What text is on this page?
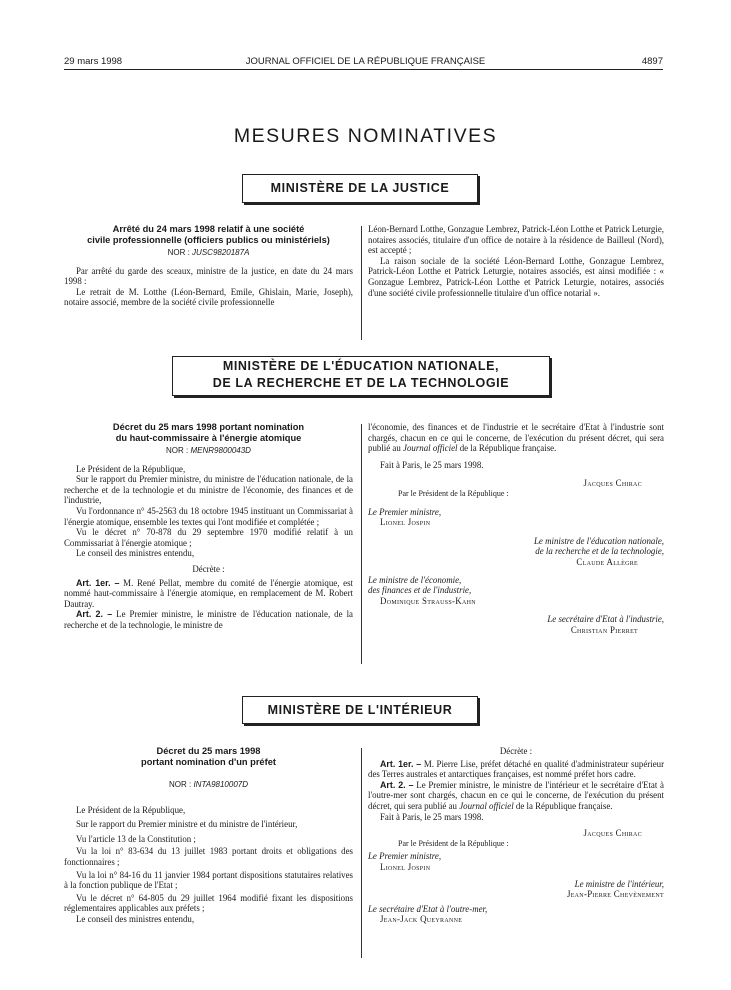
29 mars 1998	JOURNAL OFFICIEL DE LA RÉPUBLIQUE FRANÇAISE	4897
MESURES NOMINATIVES
MINISTÈRE DE LA JUSTICE
Arrêté du 24 mars 1998 relatif à une société
civile professionnelle (officiers publics ou ministériels)
NOR : JUSC9820187A

Par arrêté du garde des sceaux, ministre de la justice, en date du 24 mars 1998 :

Le retrait de M. Lotthe (Léon-Bernard, Emile, Ghislain, Marie, Joseph), notaire associé, membre de la société civile professionnelle

Léon-Bernard Lotthe, Gonzague Lembrez, Patrick-Léon Lotthe et Patrick Leturgie, notaires associés, titulaire d'un office de notaire à la résidence de Bailleul (Nord), est accepté ;

La raison sociale de la société Léon-Bernard Lotthe, Gonzague Lembrez, Patrick-Léon Lotthe et Patrick Leturgie, notaires associés, est ainsi modifiée : « Gonzague Lembrez, Patrick-Léon Lotthe et Patrick Leturgie, notaires, associés d'une société civile professionnelle titulaire d'un office notarial ».

MINISTÈRE DE L'ÉDUCATION NATIONALE,
DE LA RECHERCHE ET DE LA TECHNOLOGIE
Décret du 25 mars 1998 portant nomination
du haut-commissaire à l'énergie atomique
NOR : MENR9800043D

Le Président de la République,

Sur le rapport du Premier ministre, du ministre de l'éducation nationale, de la recherche et de la technologie et du ministre de l'économie, des finances et de l'industrie,

Vu l'ordonnance n° 45-2563 du 18 octobre 1945 instituant un Commissariat à l'énergie atomique, ensemble les textes qui l'ont modifiée et complétée ;

Vu le décret n° 70-878 du 29 septembre 1970 modifié relatif à un Commissariat à l'énergie atomique ;

Le conseil des ministres entendu,

Décrète :

Art. 1er. – M. René Pellat, membre du comité de l'énergie atomique, est nommé haut-commissaire à l'énergie atomique, en remplacement de M. Robert Dautray.

Art. 2. – Le Premier ministre, le ministre de l'éducation nationale, de la recherche et de la technologie, le ministre de

l'économie, des finances et de l'industrie et le secrétaire d'Etat à l'industrie sont chargés, chacun en ce qui le concerne, de l'exécution du présent décret, qui sera publié au Journal officiel de la République française.

Fait à Paris, le 25 mars 1998.

Jacques Chirac

Par le Président de la République :

Le Premier ministre,

Lionel Jospin

Le ministre de l'éducation nationale,

de la recherche et de la technologie,

Claude Allègre

Le ministre de l'économie,

des finances et de l'industrie,

Dominique Strauss-Kahn

Le secrétaire d'Etat à l'industrie,

Christian Pierret

MINISTÈRE DE L'INTÉRIEUR
Décret du 25 mars 1998
portant nomination d'un préfet
NOR : INTA9810007D

Le Président de la République,

Sur le rapport du Premier ministre et du ministre de l'intérieur,

Vu l'article 13 de la Constitution ;

Vu la loi n° 83-634 du 13 juillet 1983 portant droits et obligations des fonctionnaires ;

Vu la loi n° 84-16 du 11 janvier 1984 portant dispositions statutaires relatives à la fonction publique de l'Etat ;

Vu le décret n° 64-805 du 29 juillet 1964 modifié fixant les dispositions réglementaires applicables aux préfets ;

Le conseil des ministres entendu,

Décrète :

Art. 1er. – M. Pierre Lise, préfet détaché en qualité d'administrateur supérieur des Terres australes et antarctiques françaises, est nommé préfet hors cadre.

Art. 2. – Le Premier ministre, le ministre de l'intérieur et le secrétaire d'Etat à l'outre-mer sont chargés, chacun en ce qui le concerne, de l'exécution du présent décret, qui sera publié au Journal officiel de la République française.

Fait à Paris, le 25 mars 1998.

Jacques Chirac

Par le Président de la République :

Le Premier ministre,

Lionel Jospin

Le ministre de l'intérieur,

Jean-Pierre Chevènement

Le secrétaire d'Etat à l'outre-mer,

Jean-Jack Queyranne
